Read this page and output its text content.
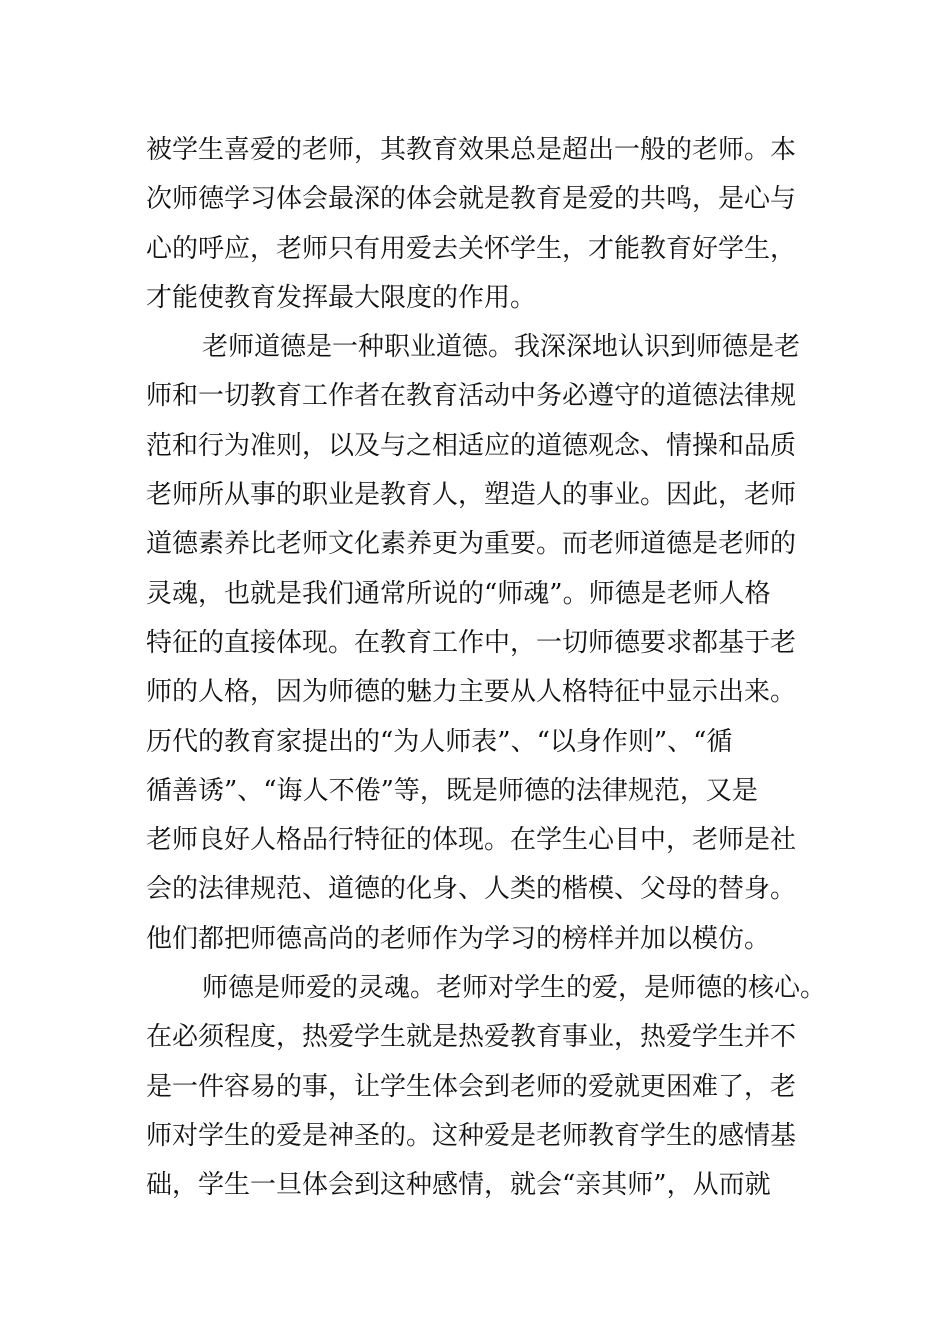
被学生喜爱的老师，其教育效果总是超出一般的老师。本
次师德学习体会最深的体会就是教育是爱的共鸣，是心与
心的呼应，老师只有用爱去关怀学生，才能教育好学生，
才能使教育发挥最大限度的作用。
老师道德是一种职业道德。我深深地认识到师德是老
师和一切教育工作者在教育活动中务必遵守的道德法律规
范和行为准则，以及与之相适应的道德观念、情操和品质
老师所从事的职业是教育人，塑造人的事业。因此，老师
道德素养比老师文化素养更为重要。而老师道德是老师的
灵魂，也就是我们通常所说的“师魂”。师德是老师人格
特征的直接体现。在教育工作中，一切师德要求都基于老
师的人格，因为师德的魅力主要从人格特征中显示出来。
历代的教育家提出的“为人师表”、“以身作则”、“循
循善诱”、“诲人不倦”等，既是师德的法律规范，又是
老师良好人格品行特征的体现。在学生心目中，老师是社
会的法律规范、道德的化身、人类的楷模、父母的替身。
他们都把师德高尚的老师作为学习的榜样并加以模仿。
师德是师爱的灵魂。老师对学生的爱，是师德的核心。
在必须程度，热爱学生就是热爱教育事业，热爱学生并不
是一件容易的事，让学生体会到老师的爱就更困难了，老
师对学生的爱是神圣的。这种爱是老师教育学生的感情基
础，学生一旦体会到这种感情，就会“亲其师”，从而就
